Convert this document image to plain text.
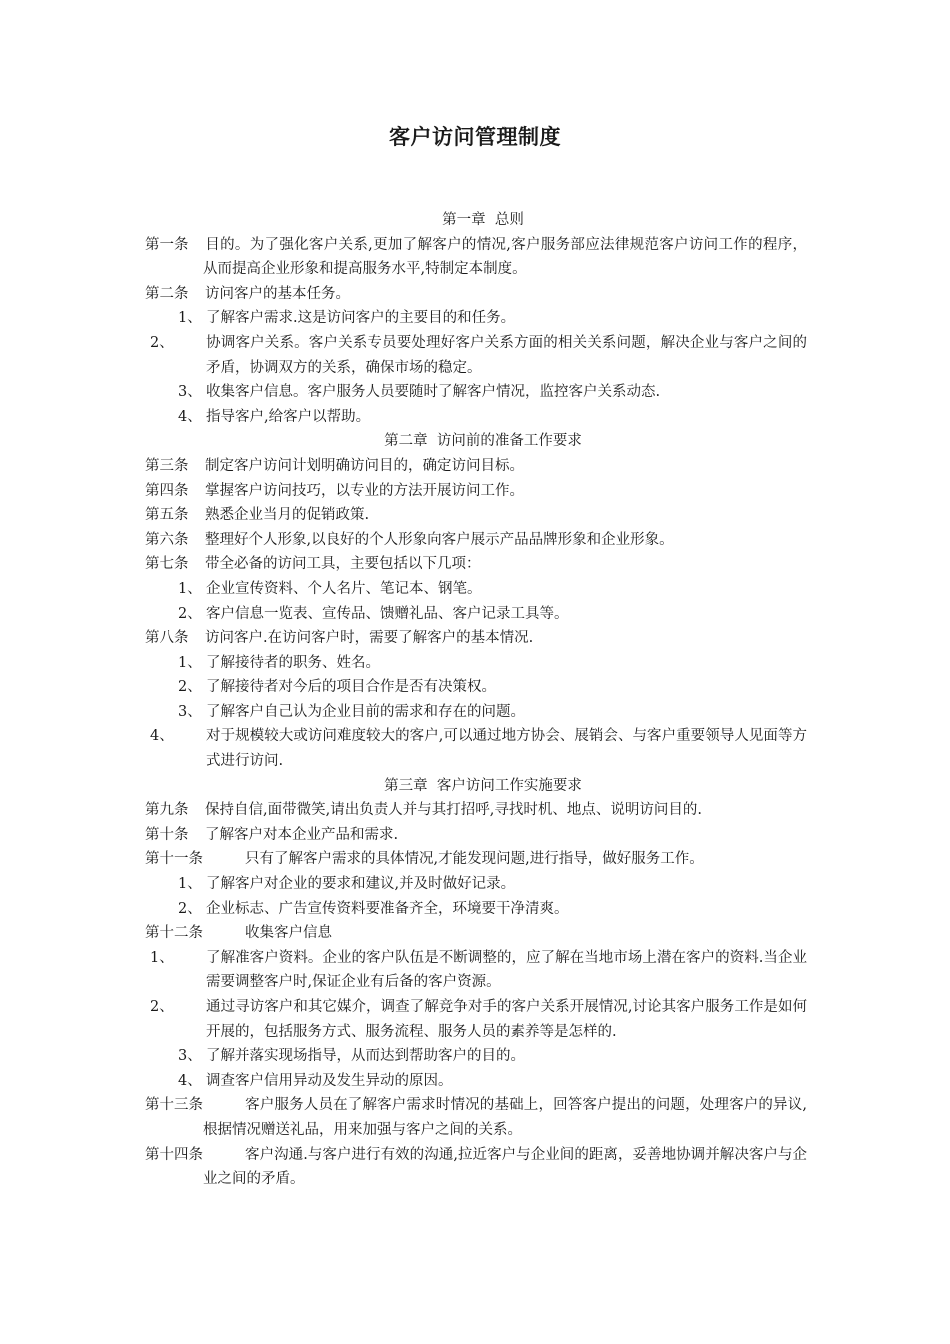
客户访问管理制度
第一章  总则
第一条 目的。为了强化客户关系,更加了解客户的情况,客户服务部应法律规范客户访问工作的程序，从而提高企业形象和提高服务水平,特制定本制度。
第二条	访问客户的基本任务。
1、 了解客户需求.这是访问客户的主要目的和任务。
2、 协调客户关系。客户关系专员要处理好客户关系方面的相关关系问题，解决企业与客户之间的矛盾，协调双方的关系，确保市场的稳定。
3、 收集客户信息。客户服务人员要随时了解客户情况，监控客户关系动态.
4、 指导客户,给客户以帮助。
第二章  访问前的准备工作要求
第三条	制定客户访问计划明确访问目的，确定访问目标。
第四条	掌握客户访问技巧，以专业的方法开展访问工作。
第五条	熟悉企业当月的促销政策.
第六条	整理好个人形象,以良好的个人形象向客户展示产品品牌形象和企业形象。
第七条	带全必备的访问工具，主要包括以下几项：
1、 企业宣传资料、个人名片、笔记本、钢笔。
2、 客户信息一览表、宣传品、馈赠礼品、客户记录工具等。
第八条	访问客户.在访问客户时，需要了解客户的基本情况.
1、 了解接待者的职务、姓名。
2、 了解接待者对今后的项目合作是否有决策权。
3、 了解客户自己认为企业目前的需求和存在的问题。
4、 对于规模较大或访问难度较大的客户,可以通过地方协会、展销会、与客户重要领导人见面等方式进行访问.
第三章  客户访问工作实施要求
第九条	保持自信,面带微笑,请出负责人并与其打招呼,寻找时机、地点、说明访问目的.
第十条	了解客户对本企业产品和需求.
第十一条	只有了解客户需求的具体情况,才能发现问题,进行指导，做好服务工作。
1、 了解客户对企业的要求和建议,并及时做好记录。
2、 企业标志、广告宣传资料要准备齐全，环境要干净清爽。
第十二条	收集客户信息
1、 了解准客户资料。企业的客户队伍是不断调整的，应了解在当地市场上潜在客户的资料.当企业需要调整客户时,保证企业有后备的客户资源。
2、 通过寻访客户和其它媒介，调查了解竞争对手的客户关系开展情况,讨论其客户服务工作是如何开展的，包括服务方式、服务流程、服务人员的素养等是怎样的.
3、 了解并落实现场指导，从而达到帮助客户的目的。
4、 调查客户信用异动及发生异动的原因。
第十三条	客户服务人员在了解客户需求时情况的基础上，回答客户提出的问题，处理客户的异议,根据情况赠送礼品，用来加强与客户之间的关系。
第十四条	客户沟通.与客户进行有效的沟通,拉近客户与企业间的距离，妥善地协调并解决客户与企业之间的矛盾。
